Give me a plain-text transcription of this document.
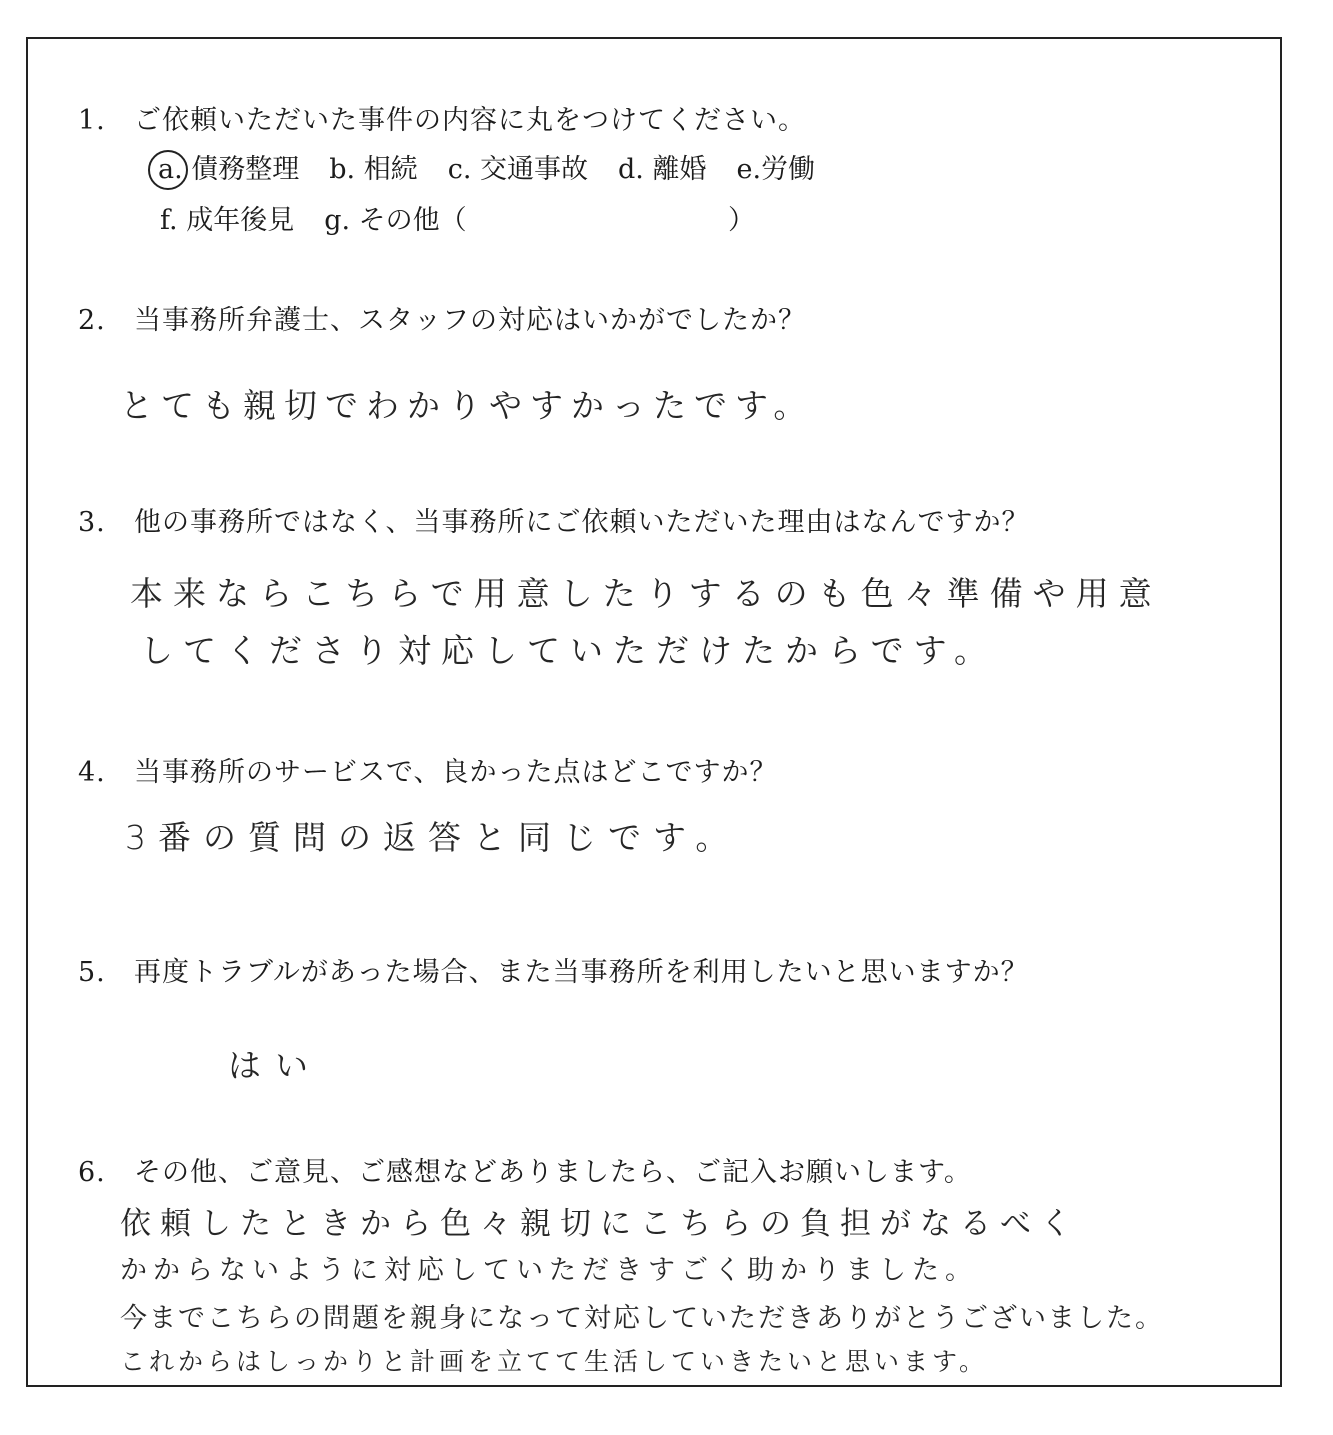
1. ご依頼いただいた事件の内容に丸をつけてください。
a. 債務整理 b. 相続 c. 交通事故 d. 離婚 e.労働
f. 成年後見 g. その他（	）
2. 当事務所弁護士、スタッフの対応はいかがでしたか？
とても親切でわかりやすかったです。
3. 他の事務所ではなく、当事務所にご依頼いただいた理由はなんですか？
本来ならこちらで用意したりするのも色々準備や用意
してくださり対応していただけたからです。
4. 当事務所のサービスで、良かった点はどこですか？
3番の質問の返答と同じです。
5. 再度トラブルがあった場合、また当事務所を利用したいと思いますか？
はい
6. その他、ご意見、ご感想などありましたら、ご記入お願いします。
依頼したときから色々親切にこちらの負担がなるべく
かからないように対応していただきすごく助かりました。
今までこちらの問題を親身になって対応していただきありがとうございました。
これからはしっかりと計画を立てて生活していきたいと思います。
